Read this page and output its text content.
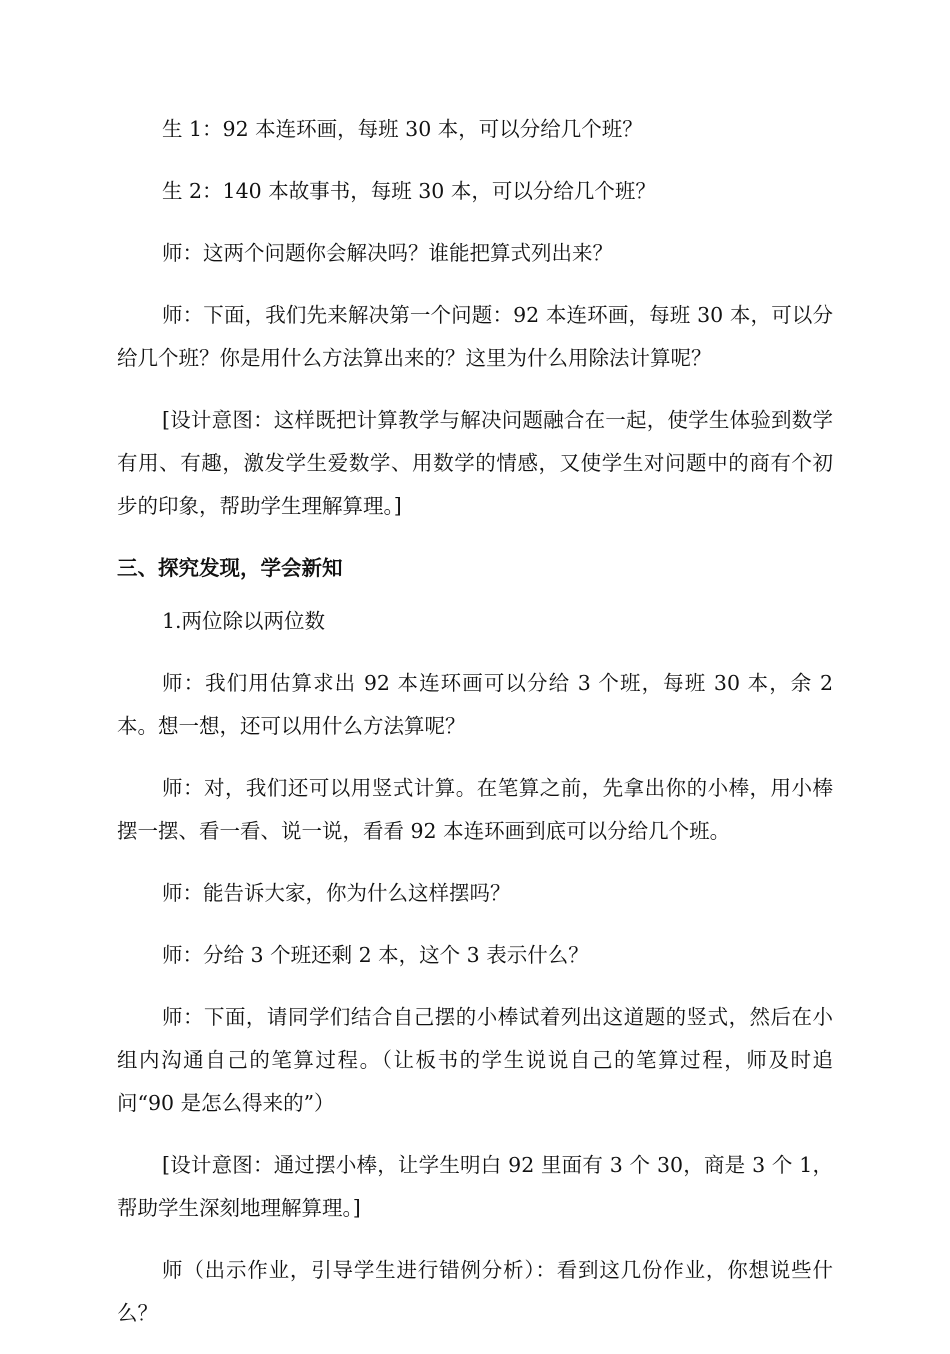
生 1：92 本连环画，每班 30 本，可以分给几个班？

生 2：140 本故事书，每班 30 本，可以分给几个班？

师：这两个问题你会解决吗？谁能把算式列出来？

师：下面，我们先来解决第一个问题：92 本连环画，每班 30 本，可以分给几个班？你是用什么方法算出来的？这里为什么用除法计算呢？

[设计意图：这样既把计算教学与解决问题融合在一起，使学生体验到数学有用、有趣，激发学生爱数学、用数学的情感，又使学生对问题中的商有个初步的印象，帮助学生理解算理。]

三、探究发现，学会新知

1.两位除以两位数

师：我们用估算求出 92 本连环画可以分给 3 个班，每班 30 本，余 2 本。想一想，还可以用什么方法算呢？

师：对，我们还可以用竖式计算。在笔算之前，先拿出你的小棒，用小棒摆一摆、看一看、说一说，看看 92 本连环画到底可以分给几个班。

师：能告诉大家，你为什么这样摆吗？

师：分给 3 个班还剩 2 本，这个 3 表示什么？

师：下面，请同学们结合自己摆的小棒试着列出这道题的竖式，然后在小组内沟通自己的笔算过程。（让板书的学生说说自己的笔算过程，师及时追问“90 是怎么得来的”）

[设计意图：通过摆小棒，让学生明白 92 里面有 3 个 30，商是 3 个 1，帮助学生深刻地理解算理。]

师（出示作业，引导学生进行错例分析）：看到这几份作业，你想说些什么？
